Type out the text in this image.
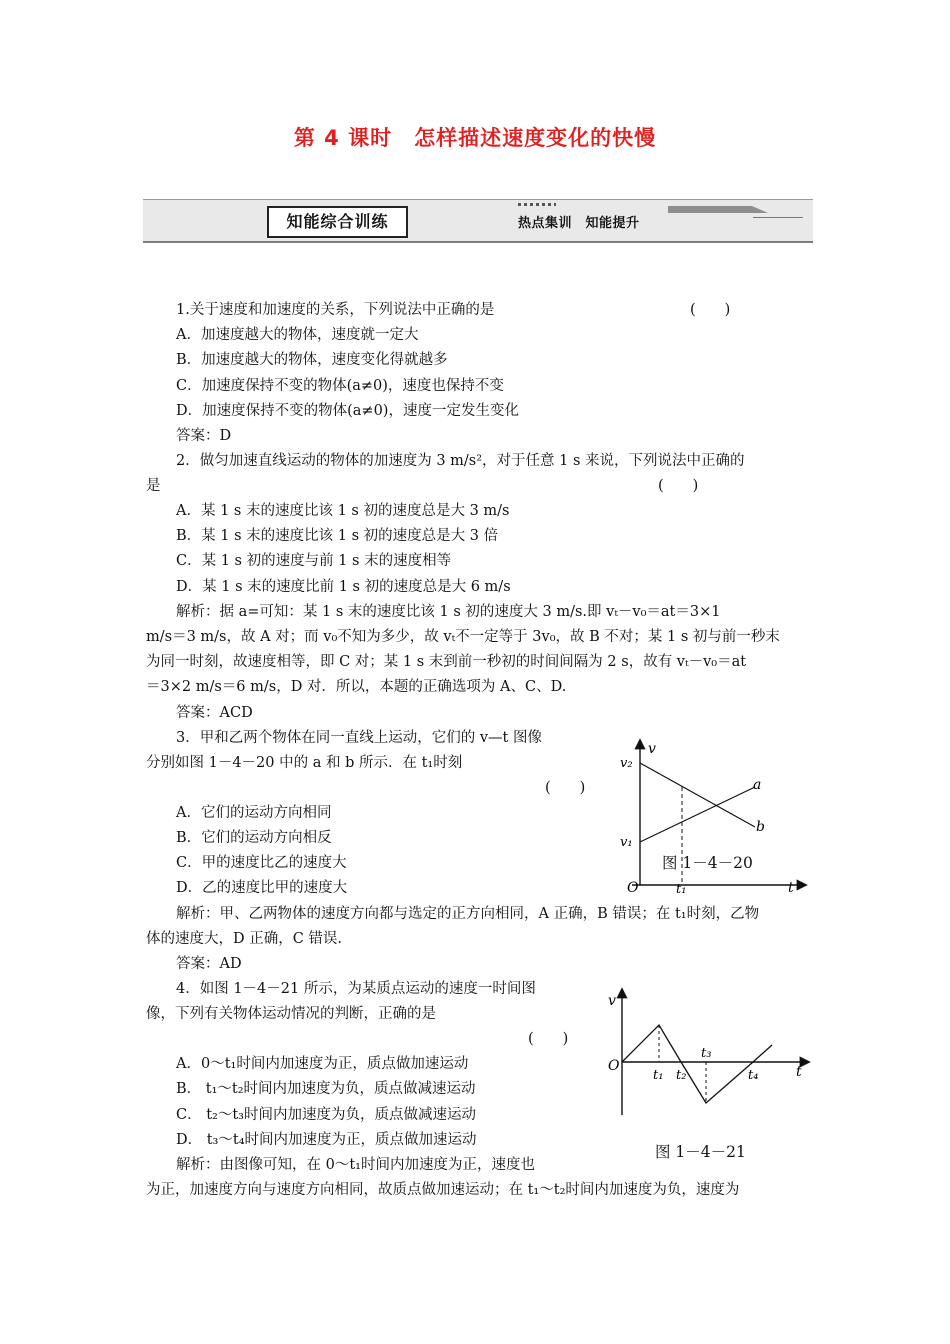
第 4 课时 怎样描述速度变化的快慢
知能综合训练	热点集训　知能提升
1.关于速度和加速度的关系，下列说法中正确的是	(　　)
A．加速度越大的物体，速度就一定大
B．加速度越大的物体，速度变化得就越多
C．加速度保持不变的物体(a≠0)，速度也保持不变
D．加速度保持不变的物体(a≠0)，速度一定发生变化
答案：D
2．做匀加速直线运动的物体的加速度为 3 m/s²，对于任意 1 s 来说，下列说法中正确的
是	(　　)
A．某 1 s 末的速度比该 1 s 初的速度总是大 3 m/s
B．某 1 s 末的速度比该 1 s 初的速度总是大 3 倍
C．某 1 s 初的速度与前 1 s 末的速度相等
D．某 1 s 末的速度比前 1 s 初的速度总是大 6 m/s
解析：据 a=可知：某 1 s 末的速度比该 1 s 初的速度大 3 m/s.即 vₜ－v₀＝at＝3×1
m/s＝3 m/s，故 A 对；而 v₀不知为多少，故 vₜ不一定等于 3v₀，故 B 不对；某 1 s 初与前一秒末
为同一时刻，故速度相等，即 C 对；某 1 s 末到前一秒初的时间间隔为 2 s，故有 vₜ－v₀＝at
＝3×2 m/s＝6 m/s，D 对．所以，本题的正确选项为 A、C、D.
答案：ACD
3．甲和乙两个物体在同一直线上运动，它们的 v—t 图像
分别如图 1－4－20 中的 a 和 b 所示．在 t₁时刻
(　　)
A．它们的运动方向相同
B．它们的运动方向相反
C．甲的速度比乙的速度大
D．乙的速度比甲的速度大
解析：甲、乙两物体的速度方向都与选定的正方向相同，A 正确，B 错误；在 t₁时刻，乙物
体的速度大，D 正确，C 错误.
答案：AD
4．如图 1－4－21 所示，为某质点运动的速度一时间图
像，下列有关物体运动情况的判断，正确的是
(　　)
A．0～t₁时间内加速度为正，质点做加速运动
B． t₁～t₂时间内加速度为负，质点做减速运动
C． t₂～t₃时间内加速度为负，质点做减速运动
D． t₃～t₄时间内加速度为正，质点做加速运动
解析：由图像可知，在 0～t₁时间内加速度为正，速度也
为正，加速度方向与速度方向相同，故质点做加速运动；在 t₁～t₂时间内加速度为负，速度为
v
v₂
v₁
a
b
O	t₁	t
图 1－4－20
v
O
t₁ t₂
t₃
t₄	t
图 1－4－21
